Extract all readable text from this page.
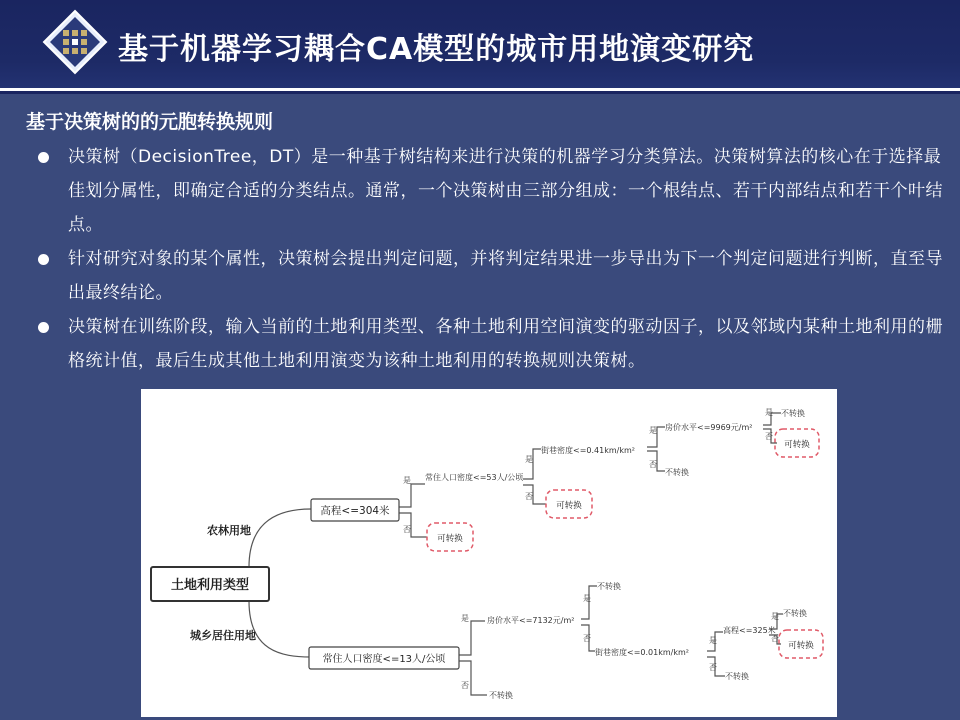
基于机器学习耦合CA模型的城市用地演变研究
基于决策树的的元胞转换规则
决策树（DecisionTree，DT）是一种基于树结构来进行决策的机器学习分类算法。决策树算法的核心在于选择最佳划分属性，即确定合适的分类结点。通常，一个决策树由三部分组成：一个根结点、若干内部结点和若干个叶结点。
针对研究对象的某个属性，决策树会提出判定问题，并将判定结果进一步导出为下一个判定问题进行判断，直至导出最终结论。
决策树在训练阶段，输入当前的土地利用类型、各种土地利用空间演变的驱动因子，以及邻域内某种土地利用的栅格统计值，最后生成其他土地利用演变为该种土地利用的转换规则决策树。
土地利用类型
农林用地
城乡居住用地
高程<=304米
是
否
常住人口密度<=53人/公顷
是
否
可转换
街巷密度<=0.41km/km²
是
否
可转换
房价水平<=9969元/m²
不转换
是
否
不转换
可转换
常住人口密度<=13人/公顷
是
否
不转换
房价水平<=7132元/m²
是
否
不转换
街巷密度<=0.01km/km²
是
否
不转换
高程<=325米
是
否
不转换
可转换
